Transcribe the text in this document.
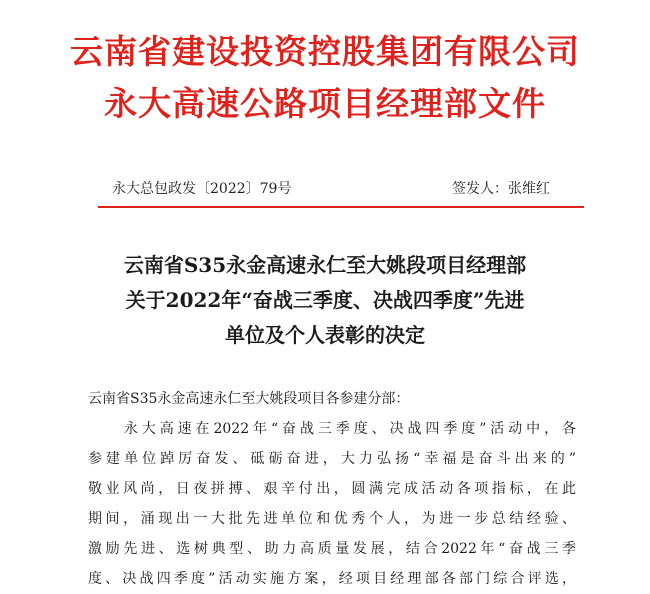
云南省建设投资控股集团有限公司
永大高速公路项目经理部文件
永大总包政发〔2022〕79号	签发人：张维红
云南省S35永金高速永仁至大姚段项目经理部
关于2022年“奋战三季度、决战四季度”先进
单位及个人表彰的决定
云南省S35永金高速永仁至大姚段项目各参建分部：
　　永大高速在2022年“奋战三季度、决战四季度”活动中，各
参建单位踔厉奋发、砥砺奋进，大力弘扬“幸福是奋斗出来的”
敬业风尚，日夜拼搏、艰辛付出，圆满完成活动各项指标，在此
期间，涌现出一大批先进单位和优秀个人，为进一步总结经验、
激励先进、选树典型、助力高质量发展，结合2022年“奋战三季
度、决战四季度”活动实施方案，经项目经理部各部门综合评选，
